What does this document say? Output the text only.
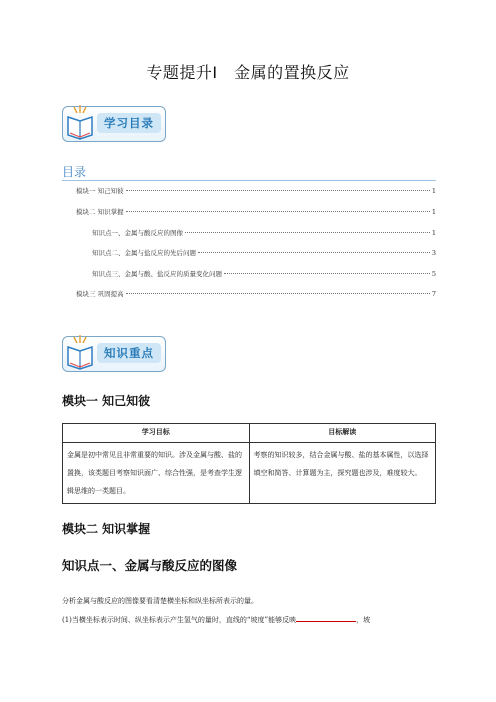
专题提升Ⅰ　金属的置换反应
学习目录
目录
模块一 知己知彼	1
模块二 知识掌握	1
知识点一、金属与酸反应的图像	1
知识点二、金属与盐反应的先后问题	3
知识点三、金属与酸、盐反应的质量变化问题	5
模块三 巩固提高	7
知识重点
模块一 知己知彼
学习目标	目标解读
金属是初中常见且非常重要的知识。涉及金属与酸、盐的置换，该类题目考察知识面广、综合性强，是考查学生逻辑思维的一类题目。	考察的知识较多，结合金属与酸、盐的基本属性，以选择填空和简答、计算题为主，探究题也涉及，难度较大。
模块二 知识掌握
知识点一、金属与酸反应的图像
分析金属与酸反应的图像要看清楚横坐标和纵坐标所表示的量。
(1)当横坐标表示时间、纵坐标表示产生氢气的量时，直线的“坡度”能够反映	，坡
